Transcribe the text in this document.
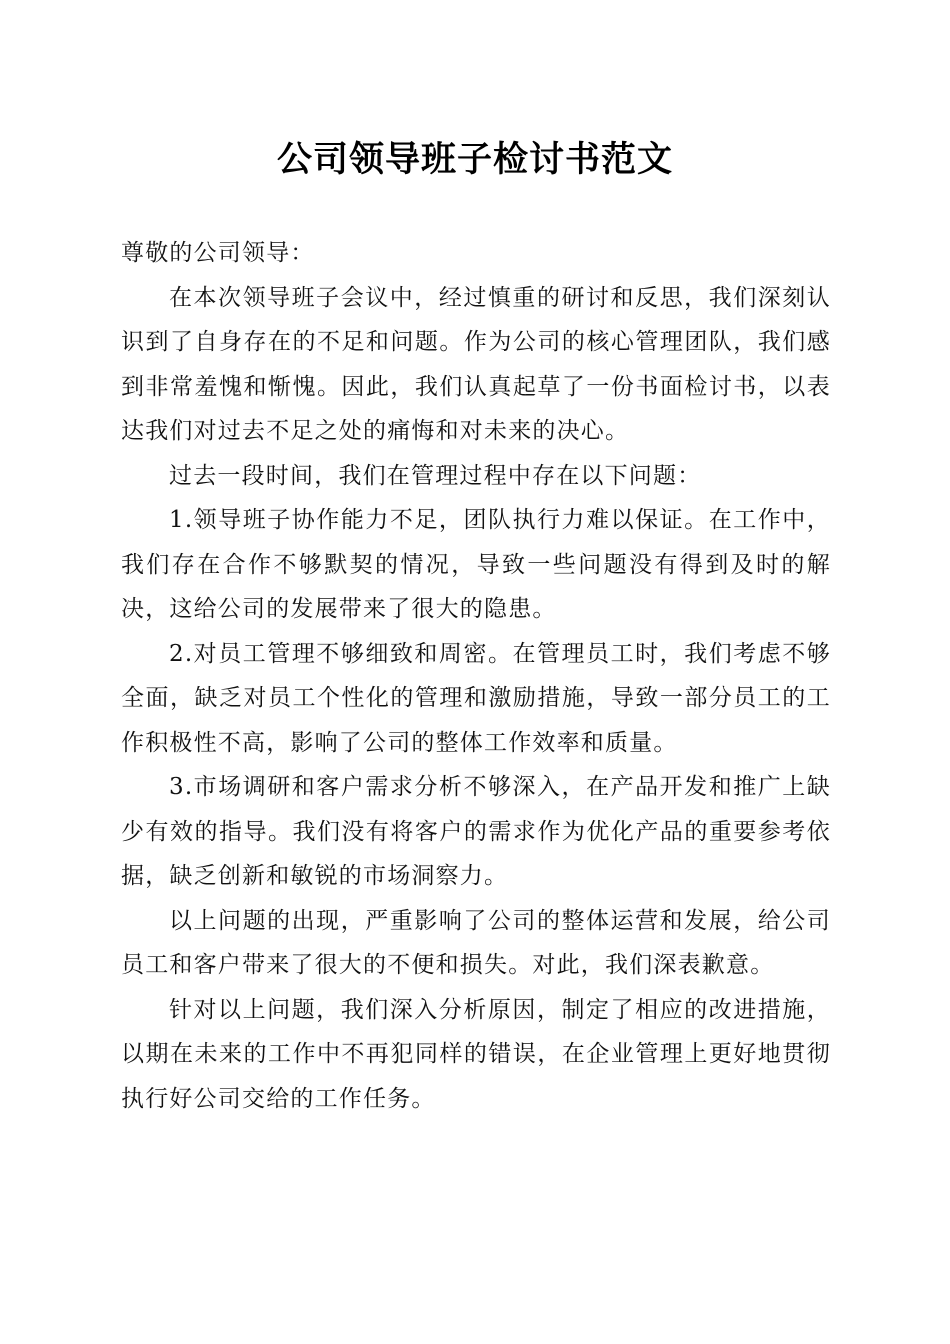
公司领导班子检讨书范文

尊敬的公司领导：

在本次领导班子会议中，经过慎重的研讨和反思，我们深刻认识到了自身存在的不足和问题。作为公司的核心管理团队，我们感到非常羞愧和惭愧。因此，我们认真起草了一份书面检讨书，以表达我们对过去不足之处的痛悔和对未来的决心。

过去一段时间，我们在管理过程中存在以下问题：

1.领导班子协作能力不足，团队执行力难以保证。在工作中，我们存在合作不够默契的情况，导致一些问题没有得到及时的解决，这给公司的发展带来了很大的隐患。

2.对员工管理不够细致和周密。在管理员工时，我们考虑不够全面，缺乏对员工个性化的管理和激励措施，导致一部分员工的工作积极性不高，影响了公司的整体工作效率和质量。

3.市场调研和客户需求分析不够深入，在产品开发和推广上缺少有效的指导。我们没有将客户的需求作为优化产品的重要参考依据，缺乏创新和敏锐的市场洞察力。

以上问题的出现，严重影响了公司的整体运营和发展，给公司员工和客户带来了很大的不便和损失。对此，我们深表歉意。

针对以上问题，我们深入分析原因，制定了相应的改进措施，以期在未来的工作中不再犯同样的错误，在企业管理上更好地贯彻执行好公司交给的工作任务。
